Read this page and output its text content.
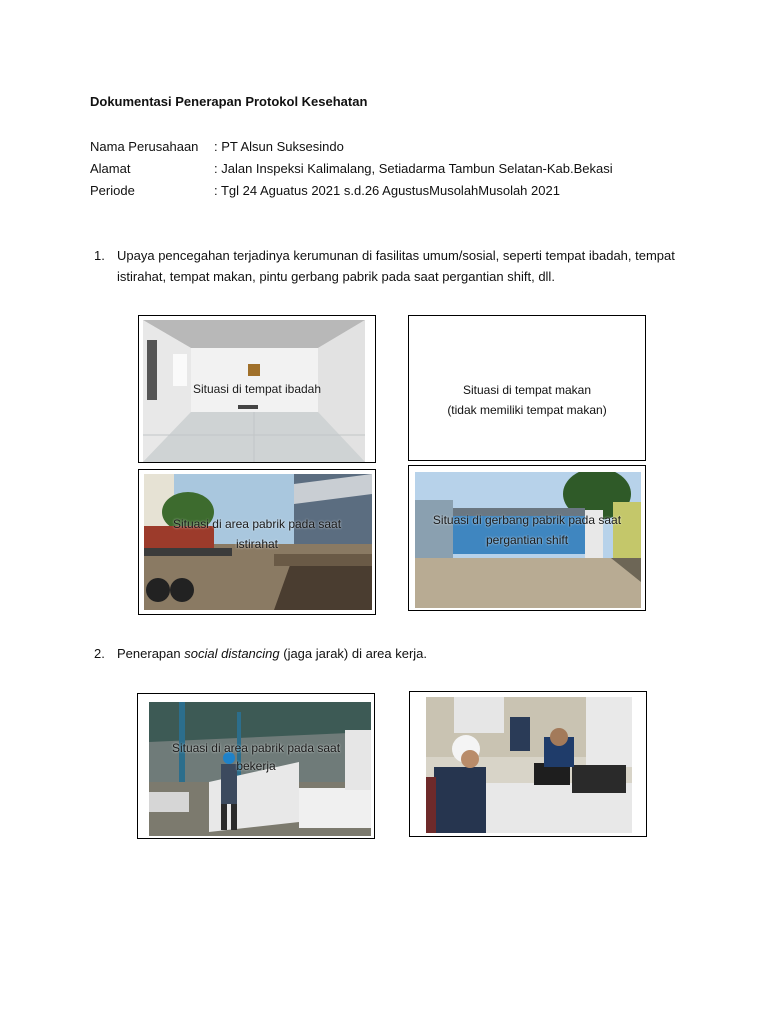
Dokumentasi Penerapan Protokol Kesehatan
Nama Perusahaan : PT Alsun Suksesindo
Alamat	: Jalan Inspeksi Kalimalang, Setiadarma Tambun Selatan-Kab.Bekasi
Periode	: Tgl 24 Aguatus 2021 s.d.26 AgustusMusolahMusolah 2021
1. Upaya pencegahan terjadinya kerumunan di fasilitas umum/sosial, seperti tempat ibadah, tempat istirahat, tempat makan, pintu gerbang pabrik pada saat pergantian shift, dll.
Situasi di tempat ibadah	Situasi di tempat makan
(tidak memiliki tempat makan)
Situasi di area pabrik pada saat
istirahat
Situasi di gerbang pabrik pada saat
pergantian shift
2. Penerapan social distancing (jaga jarak) di area kerja.
Situasi di area pabrik pada saat
bekerja
